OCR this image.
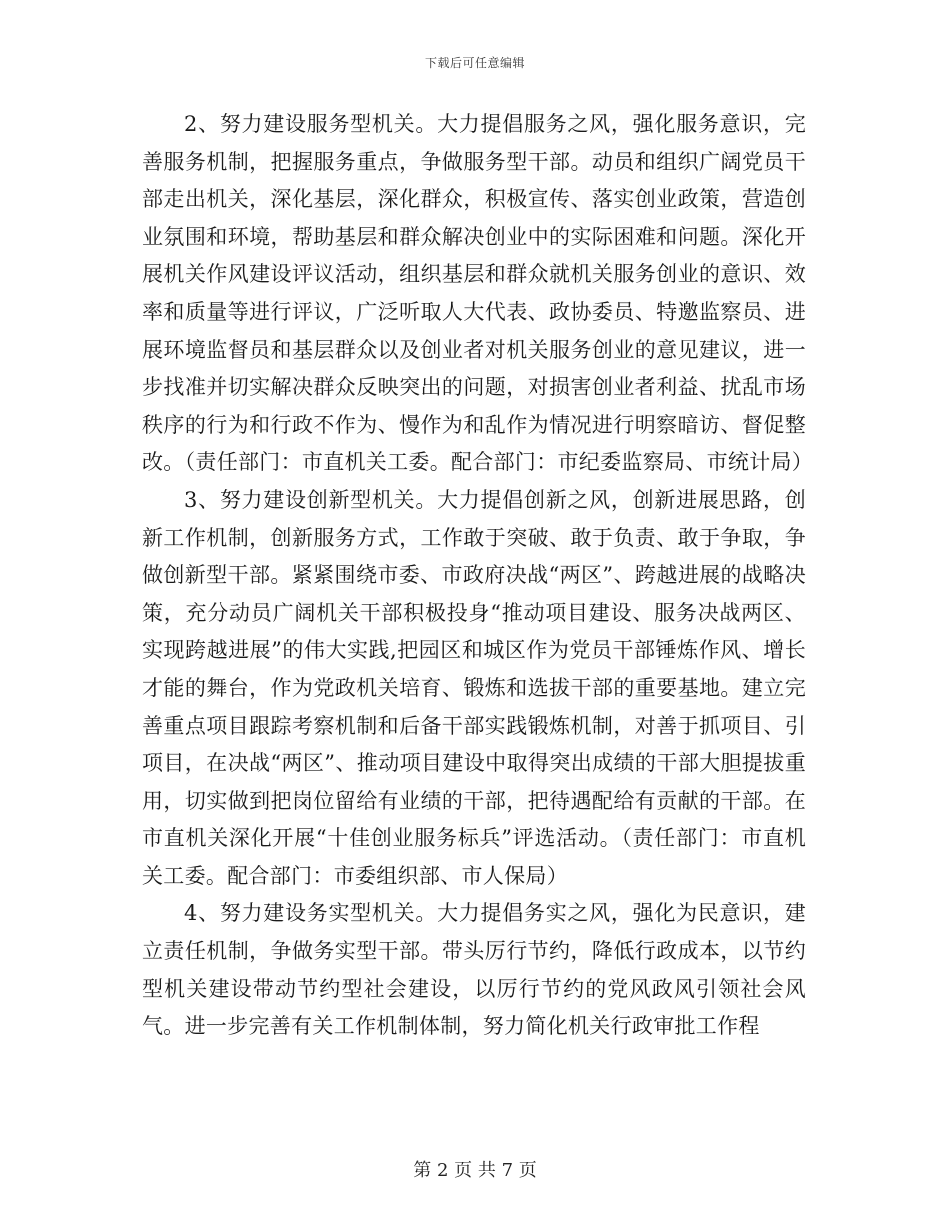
下载后可任意编辑

2、努力建设服务型机关。大力提倡服务之风，强化服务意识，完善服务机制，把握服务重点，争做服务型干部。动员和组织广阔党员干部走出机关，深化基层，深化群众，积极宣传、落实创业政策，营造创业氛围和环境，帮助基层和群众解决创业中的实际困难和问题。深化开展机关作风建设评议活动，组织基层和群众就机关服务创业的意识、效率和质量等进行评议，广泛听取人大代表、政协委员、特邀监察员、进展环境监督员和基层群众以及创业者对机关服务创业的意见建议，进一步找准并切实解决群众反映突出的问题，对损害创业者利益、扰乱市场秩序的行为和行政不作为、慢作为和乱作为情况进行明察暗访、督促整改。（责任部门：市直机关工委。配合部门：市纪委监察局、市统计局）

3、努力建设创新型机关。大力提倡创新之风，创新进展思路，创新工作机制，创新服务方式，工作敢于突破、敢于负责、敢于争取，争做创新型干部。紧紧围绕市委、市政府决战“两区”、跨越进展的战略决策，充分动员广阔机关干部积极投身“推动项目建设、服务决战两区、实现跨越进展”的伟大实践,把园区和城区作为党员干部锤炼作风、增长才能的舞台，作为党政机关培育、锻炼和选拔干部的重要基地。建立完善重点项目跟踪考察机制和后备干部实践锻炼机制，对善于抓项目、引项目，在决战“两区”、推动项目建设中取得突出成绩的干部大胆提拔重用，切实做到把岗位留给有业绩的干部，把待遇配给有贡献的干部。在市直机关深化开展“十佳创业服务标兵”评选活动。（责任部门：市直机关工委。配合部门：市委组织部、市人保局）

4、努力建设务实型机关。大力提倡务实之风，强化为民意识，建立责任机制，争做务实型干部。带头厉行节约，降低行政成本，以节约型机关建设带动节约型社会建设，以厉行节约的党风政风引领社会风气。进一步完善有关工作机制体制，努力简化机关行政审批工作程

第 2 页 共 7 页
